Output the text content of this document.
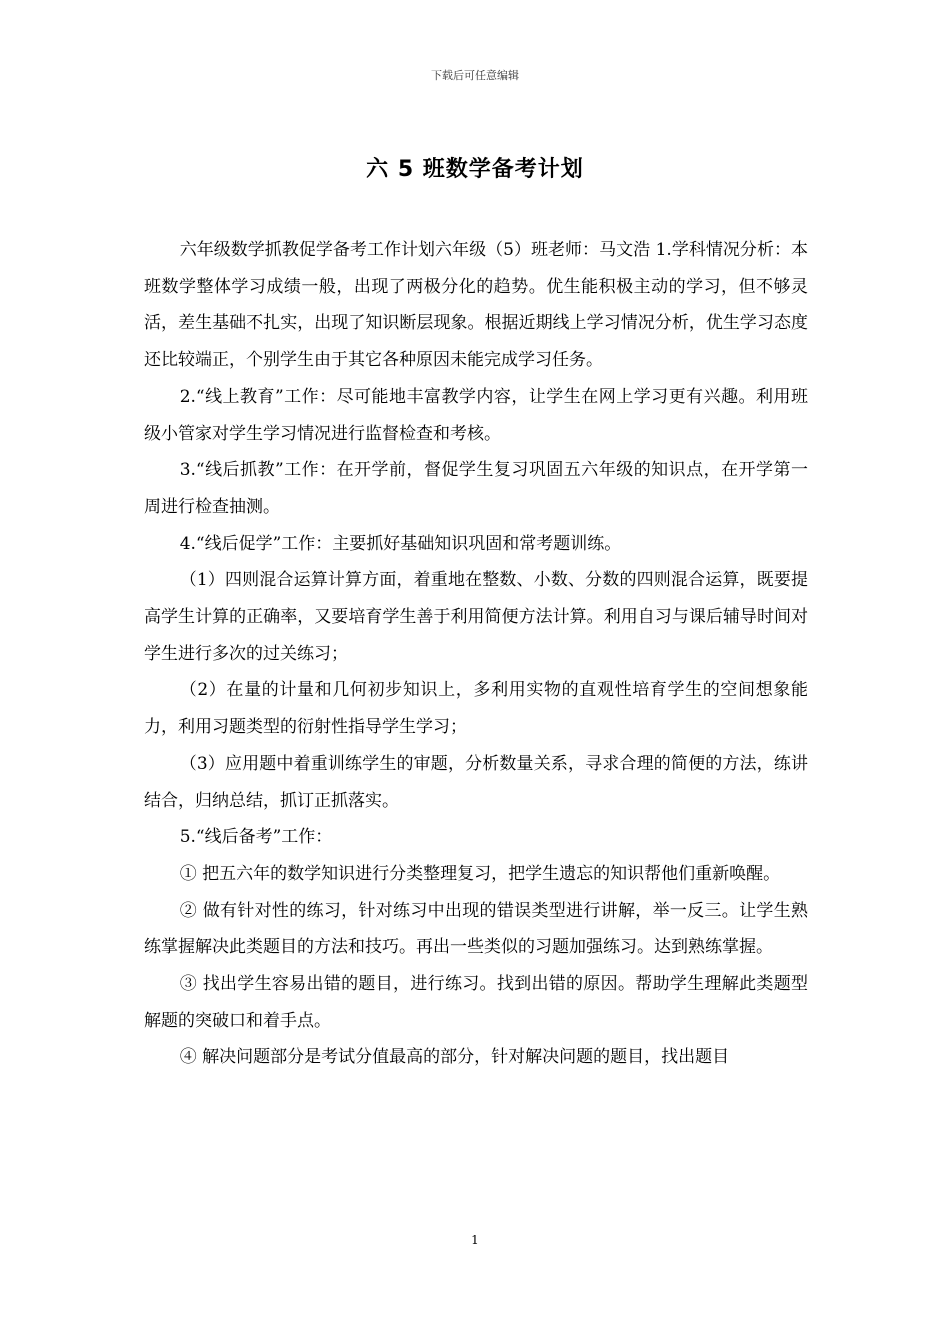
下载后可任意编辑
六 5 班数学备考计划

六年级数学抓教促学备考工作计划六年级（5）班老师：马文浩 1.学科情况分析：本班数学整体学习成绩一般，出现了两极分化的趋势。优生能积极主动的学习，但不够灵活，差生基础不扎实，出现了知识断层现象。根据近期线上学习情况分析，优生学习态度还比较端正，个别学生由于其它各种原因未能完成学习任务。

2.“线上教育”工作：尽可能地丰富教学内容，让学生在网上学习更有兴趣。利用班级小管家对学生学习情况进行监督检查和考核。

3.“线后抓教”工作：在开学前，督促学生复习巩固五六年级的知识点，在开学第一周进行检查抽测。

4.“线后促学”工作：主要抓好基础知识巩固和常考题训练。

（1）四则混合运算计算方面，着重地在整数、小数、分数的四则混合运算，既要提高学生计算的正确率，又要培育学生善于利用简便方法计算。利用自习与课后辅导时间对学生进行多次的过关练习；

（2）在量的计量和几何初步知识上，多利用实物的直观性培育学生的空间想象能力，利用习题类型的衍射性指导学生学习；

（3）应用题中着重训练学生的审题，分析数量关系，寻求合理的简便的方法，练讲结合，归纳总结，抓订正抓落实。

5.“线后备考”工作：

① 把五六年的数学知识进行分类整理复习，把学生遗忘的知识帮他们重新唤醒。

② 做有针对性的练习，针对练习中出现的错误类型进行讲解，举一反三。让学生熟练掌握解决此类题目的方法和技巧。再出一些类似的习题加强练习。达到熟练掌握。

③ 找出学生容易出错的题目，进行练习。找到出错的原因。帮助学生理解此类题型解题的突破口和着手点。

④ 解决问题部分是考试分值最高的部分，针对解决问题的题目，找出题目

1
